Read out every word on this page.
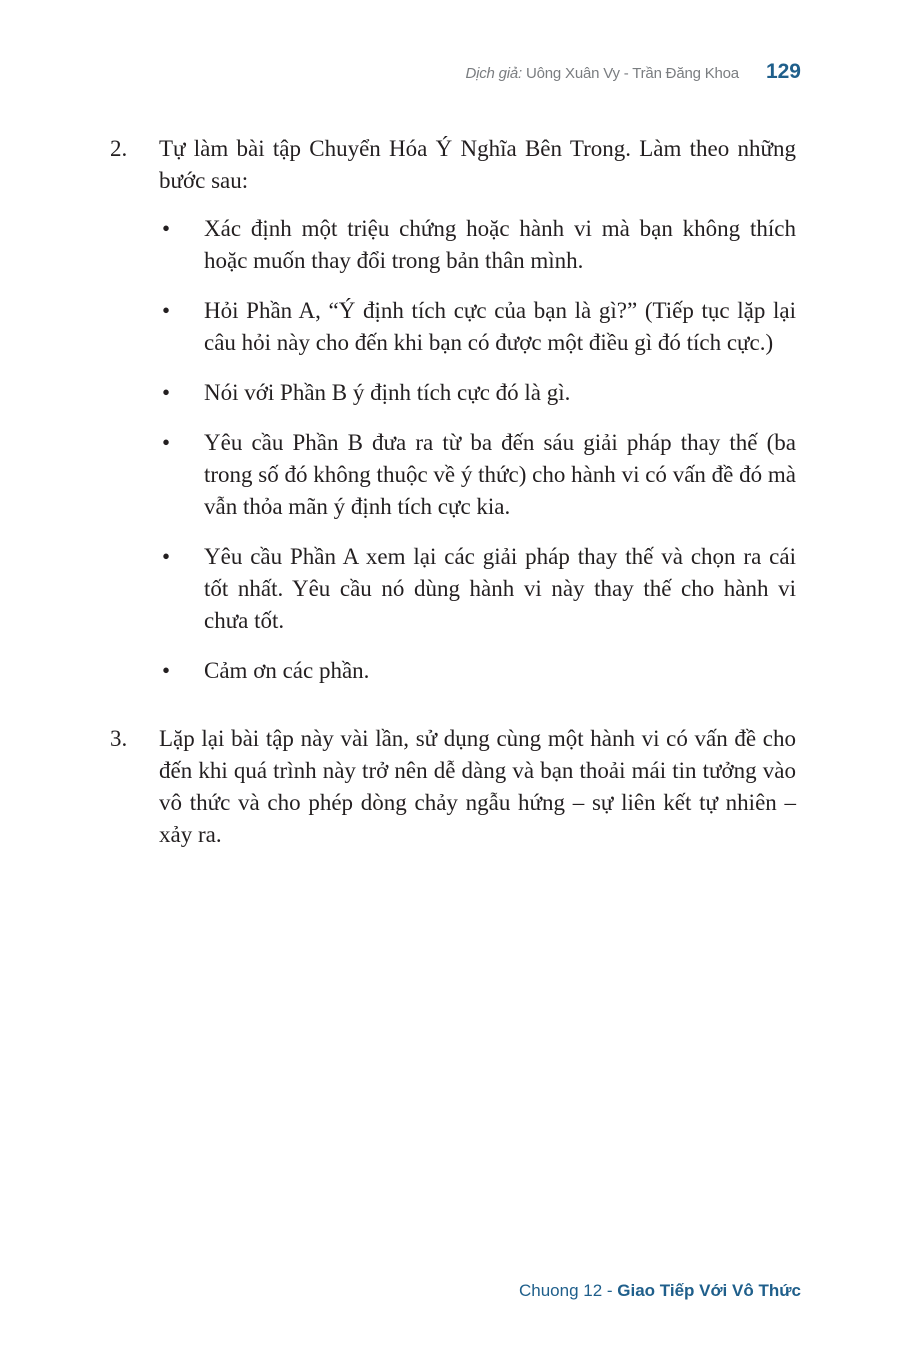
Dịch giả: Uông Xuân Vy - Trần Đăng Khoa 129
2.	Tự làm bài tập Chuyển Hóa Ý Nghĩa Bên Trong. Làm theo những bước sau:

•	Xác định một triệu chứng hoặc hành vi mà bạn không thích hoặc muốn thay đổi trong bản thân mình.
•	Hỏi Phần A, “Ý định tích cực của bạn là gì?” (Tiếp tục lặp lại câu hỏi này cho đến khi bạn có được một điều gì đó tích cực.)
•	Nói với Phần B ý định tích cực đó là gì.
•	Yêu cầu Phần B đưa ra từ ba đến sáu giải pháp thay thế (ba trong số đó không thuộc về ý thức) cho hành vi có vấn đề đó mà vẫn thỏa mãn ý định tích cực kia.
•	Yêu cầu Phần A xem lại các giải pháp thay thế và chọn ra cái tốt nhất. Yêu cầu nó dùng hành vi này thay thế cho hành vi chưa tốt.
•	Cảm ơn các phần.
3.	Lặp lại bài tập này vài lần, sử dụng cùng một hành vi có vấn đề cho đến khi quá trình này trở nên dễ dàng và bạn thoải mái tin tưởng vào vô thức và cho phép dòng chảy ngẫu hứng – sự liên kết tự nhiên – xảy ra.

Chuong 12 - Giao Tiếp Với Vô Thức
